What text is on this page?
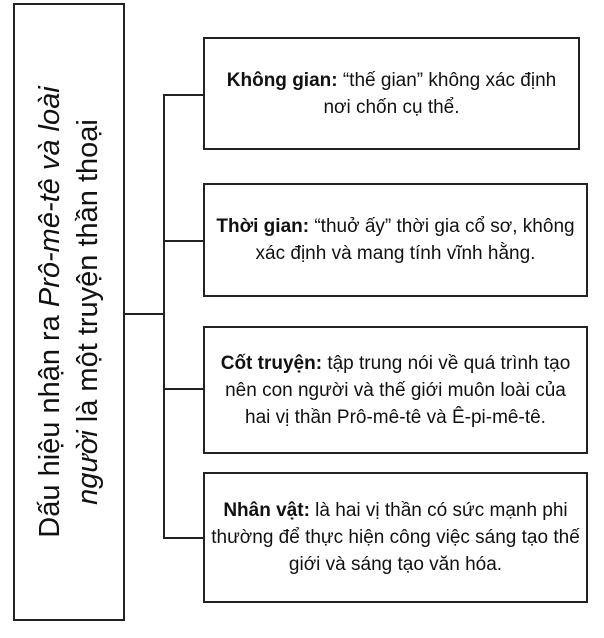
Dấu hiệu nhận ra Prô-mê-tê và loài
người là một truyện thần thoại
Không gian: “thế gian” không xác định nơi chốn cụ thể.
Thời gian: “thuở ấy” thời gia cổ sơ, không xác định và mang tính vĩnh hằng.
Cốt truyện: tập trung nói về quá trình tạo nên con người và thế giới muôn loài của hai vị thần Prô-mê-tê và Ê-pi-mê-tê.
Nhân vật: là hai vị thần có sức mạnh phi thường để thực hiện công việc sáng tạo thế giới và sáng tạo văn hóa.
